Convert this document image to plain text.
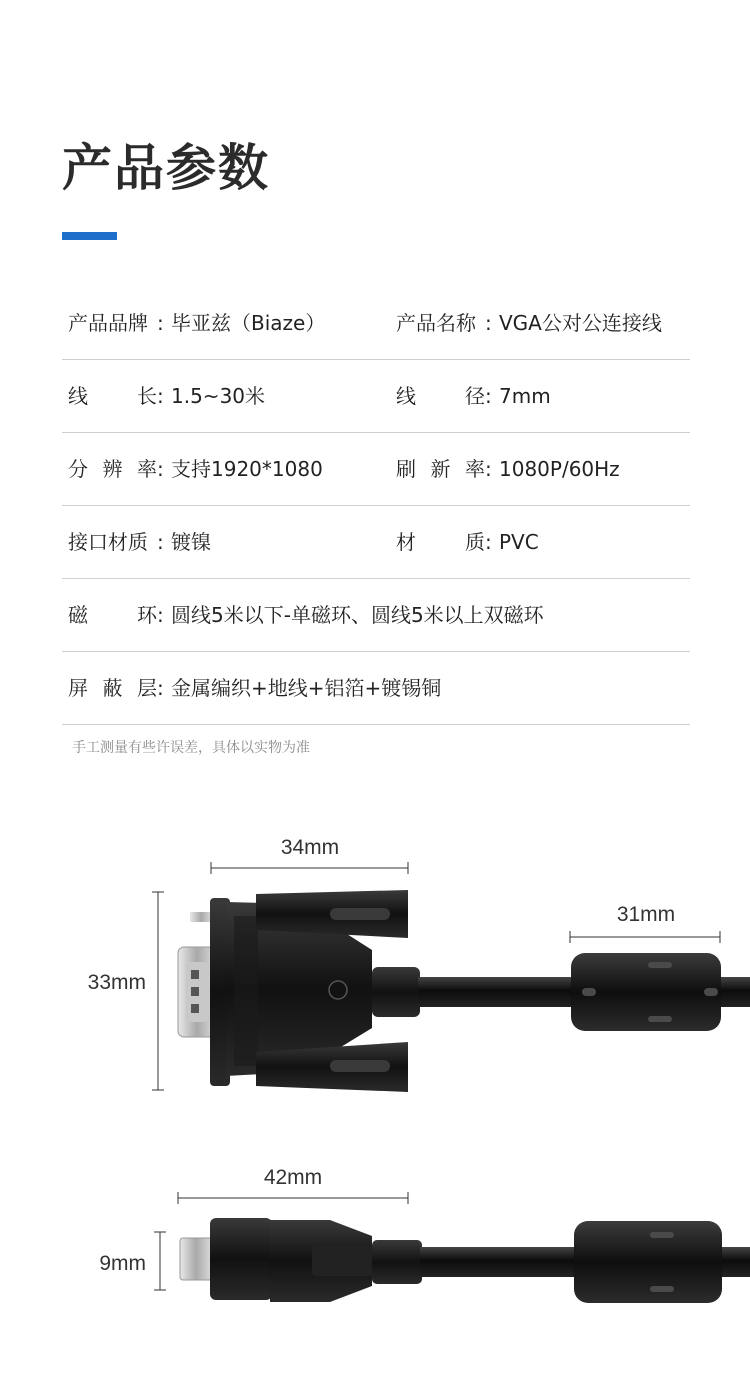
产品参数
产品品牌 : 毕亚兹（Biaze）	产品名称 : VGA公对公连接线
线长: 1.5~30米	线径: 7mm
分辨率: 支持1920*1080	刷新率: 1080P/60Hz
接口材质 : 镀镍	材质: PVC
磁环: 圆线5米以下-单磁环、圆线5米以上双磁环
屏蔽层: 金属编织+地线+铝箔+镀锡铜
手工测量有些许误差，具体以实物为准
34mm
33mm
31mm
42mm
9mm
